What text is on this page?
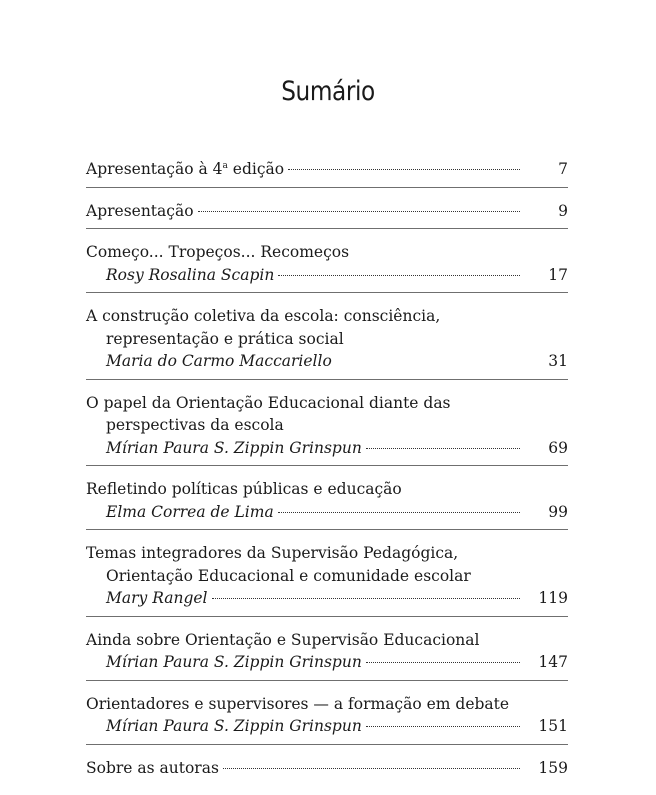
Sumário
Apresentação à 4$^a$ edição	7
Apresentação	9
Começo... Tropeços... Recomeços
Rosy Rosalina Scapin	17
A construção coletiva da escola: consciência,
representação e prática social
Maria do Carmo Maccariello	31
O papel da Orientação Educacional diante das
perspectivas da escola
Mírian Paura S. Zippin Grinspun	69
Refletindo políticas públicas e educação
Elma Correa de Lima	99
Temas integradores da Supervisão Pedagógica,
Orientação Educacional e comunidade escolar
Mary Rangel	119
Ainda sobre Orientação e Supervisão Educacional
Mírian Paura S. Zippin Grinspun	147
Orientadores e supervisores — a formação em debate
Mírian Paura S. Zippin Grinspun	151
Sobre as autoras	159
